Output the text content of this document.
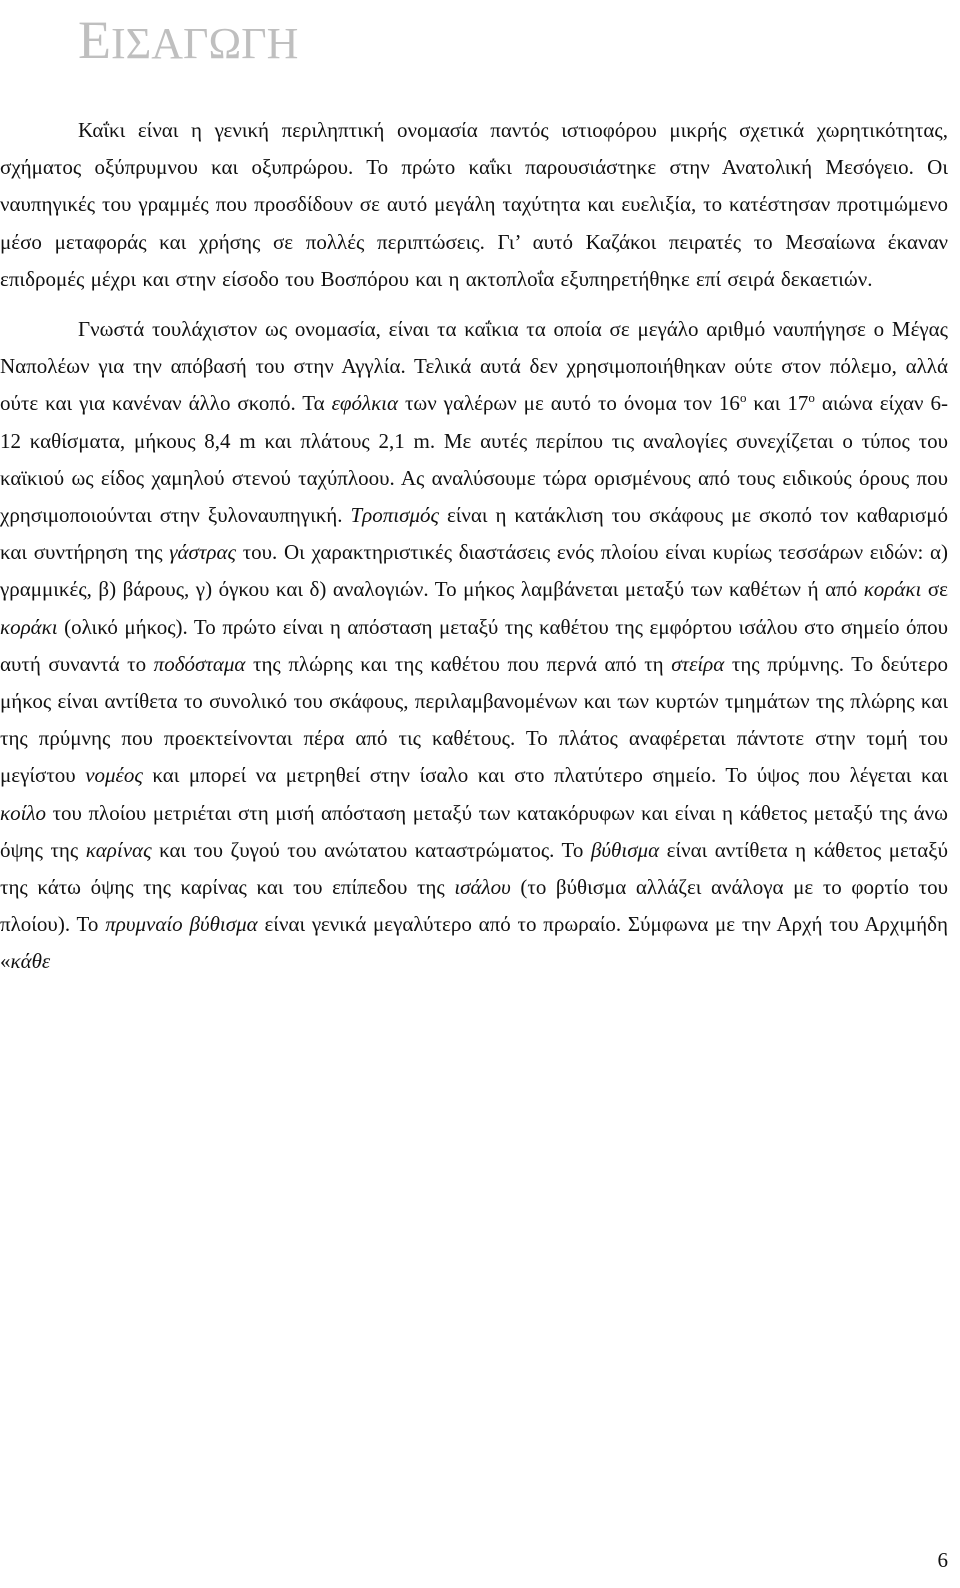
ΕΙΣΑΓΩΓΗ

Καΐκι είναι η γενική περιληπτική ονομασία παντός ιστιοφόρου μικρής σχετικά χωρητικότητας, σχήματος οξύπρυμνου και οξυπρώρου. Το πρώτο καΐκι παρουσιάστηκε στην Ανατολική Μεσόγειο. Οι ναυπηγικές του γραμμές που προσδίδουν σε αυτό μεγάλη ταχύτητα και ευελιξία, το κατέστησαν προτιμώμενο μέσο μεταφοράς και χρήσης σε πολλές περιπτώσεις. Γι’ αυτό Καζάκοι πειρατές το Μεσαίωνα έκαναν επιδρομές μέχρι και στην είσοδο του Βοσπόρου και η ακτοπλοΐα εξυπηρετήθηκε επί σειρά δεκαετιών.

Γνωστά τουλάχιστον ως ονομασία, είναι τα καΐκια τα οποία σε μεγάλο αριθμό ναυπήγησε ο Μέγας Ναπολέων για την απόβασή του στην Αγγλία. Τελικά αυτά δεν χρησιμοποιήθηκαν ούτε στον πόλεμο, αλλά ούτε και για κανέναν άλλο σκοπό. Τα εφόλκια των γαλέρων με αυτό το όνομα τον $16^o$ και $17^o$ αιώνα είχαν 6-12 καθίσματα, μήκους 8,4 m και πλάτους 2,1 m. Με αυτές περίπου τις αναλογίες συνεχίζεται ο τύπος του καϊκιού ως είδος χαμηλού στενού ταχύπλοου. Ας αναλύσουμε τώρα ορισμένους από τους ειδικούς όρους που χρησιμοποιούνται στην ξυλοναυπηγική. Τροπισμός είναι η κατάκλιση του σκάφους με σκοπό τον καθαρισμό και συντήρηση της γάστρας του. Οι χαρακτηριστικές διαστάσεις ενός πλοίου είναι κυρίως τεσσάρων ειδών: α) γραμμικές, β) βάρους, γ) όγκου και δ) αναλογιών. Το μήκος λαμβάνεται μεταξύ των καθέτων ή από κοράκι σε κοράκι (ολικό μήκος). Το πρώτο είναι η απόσταση μεταξύ της καθέτου της εμφόρτου ισάλου στο σημείο όπου αυτή συναντά το ποδόσταμα της πλώρης και της καθέτου που περνά από τη στείρα της πρύμνης. Το δεύτερο μήκος είναι αντίθετα το συνολικό του σκάφους, περιλαμβανομένων και των κυρτών τμημάτων της πλώρης και της πρύμνης που προεκτείνονται πέρα από τις καθέτους. Το πλάτος αναφέρεται πάντοτε στην τομή του μεγίστου νομέος και μπορεί να μετρηθεί στην ίσαλο και στο πλατύτερο σημείο. Το ύψος που λέγεται και κοίλο του πλοίου μετριέται στη μισή απόσταση μεταξύ των κατακόρυφων και είναι η κάθετος μεταξύ της άνω όψης της καρίνας και του ζυγού του ανώτατου καταστρώματος. Το βύθισμα είναι αντίθετα η κάθετος μεταξύ της κάτω όψης της καρίνας και του επίπεδου της ισάλου (το βύθισμα αλλάζει ανάλογα με το φορτίο του πλοίου). Το πρυμναίο βύθισμα είναι γενικά μεγαλύτερο από το πρωραίο. Σύμφωνα με την Αρχή του Αρχιμήδη «κάθε

6
